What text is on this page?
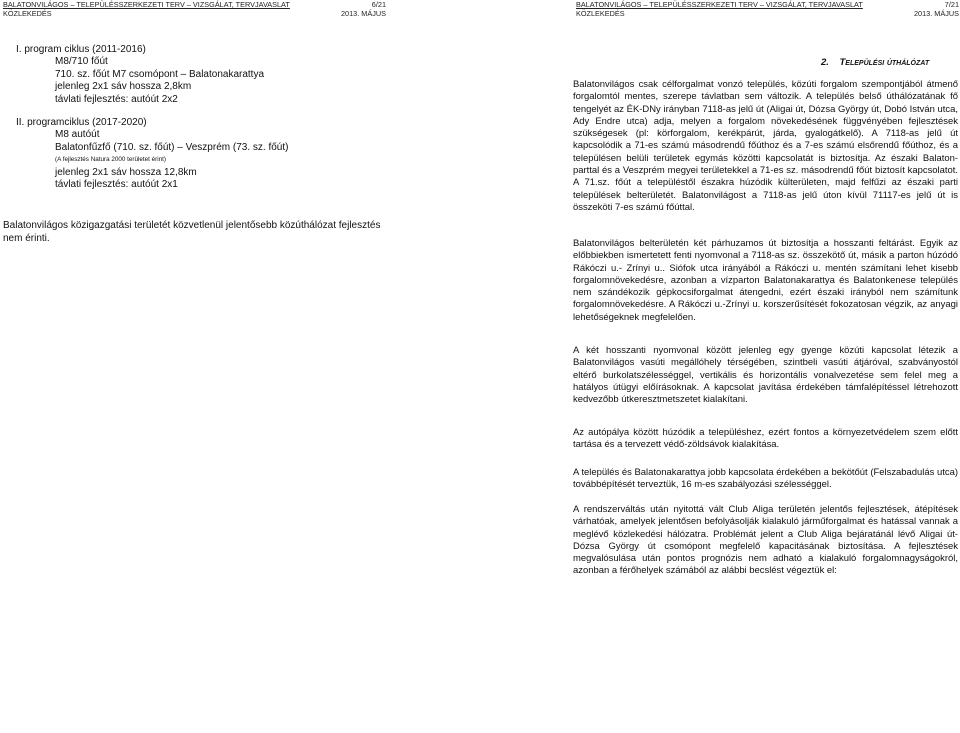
BALATONVILÁGOS – TELEPÜLÉSSZERKEZETI TERV – VIZSGÁLAT, TERVJAVASLAT	6/21
KÖZLEKEDÉS	2013. MÁJUS
I. program ciklus (2011-2016)
M8/710 főút
710. sz. főút M7 csomópont – Balatonakarattya
jelenleg 2x1 sáv hossza 2,8km
távlati fejlesztés: autóút 2x2
II. programciklus (2017-2020)
M8 autóút
Balatonfűzfő (710. sz. főút) – Veszprém (73. sz. főút)
(A fejlesztés Natura 2000 területet érint)
jelenleg 2x1 sáv hossza 12,8km
távlati fejlesztés: autóút 2x1
Balatonvilágos közigazgatási területét közvetlenül jelentősebb közúthálózat fejlesztés nem érinti.
BALATONVILÁGOS – TELEPÜLÉSSZERKEZETI TERV – VIZSGÁLAT, TERVJAVASLAT	7/21
KÖZLEKEDÉS	2013. MÁJUS
2. Települési úthálózat

Balatonvilágos csak célforgalmat vonzó település, közúti forgalom szempontjából átmenő forgalomtól mentes, szerepe távlatban sem változik. A település belső úthálózatának fő tengelyét az ÉK-DNy irányban 7118-as jelű út (Aligai út, Dózsa György út, Dobó István utca, Ady Endre utca) adja, melyen a forgalom növekedésének függvényében fejlesztések szükségesek (pl: körforgalom, kerékpárút, járda, gyalogátkelő). A 7118-as jelű út kapcsolódik a 71-es számú másodrendű főúthoz és a 7-es számú elsőrendű főúthoz, és a településen belüli területek egymás közötti kapcsolatát is biztosítja. Az északi Balaton-parttal és a Veszprém megyei területekkel a 71-es sz. másodrendű főút biztosít kapcsolatot. A 71.sz. főút a településtől északra húzódik külterületen, majd felfűzi az északi parti települések belterületét. Balatonvilágost a 7118-as jelű úton kívül 71117-es jelű út is összeköti 7-es számú főúttal.

Balatonvilágos belterületén két párhuzamos út biztosítja a hosszanti feltárást. Egyik az előbbiekben ismertetett fenti nyomvonal a 7118-as sz. összekötő út, másik a parton húzódó Rákóczi u.- Zrínyi u.. Siófok utca irányából a Rákóczi u. mentén számítani lehet kisebb forgalomnövekedésre, azonban a vízparton Balatonakarattya és Balatonkenese település nem szándékozik gépkocsiforgalmat átengedni, ezért északi irányból nem számítunk forgalomnövekedésre. A Rákóczi u.-Zrínyi u. korszerűsítését fokozatosan végzik, az anyagi lehetőségeknek megfelelően.

A két hosszanti nyomvonal között jelenleg egy gyenge közúti kapcsolat létezik a Balatonvilágos vasúti megállóhely térségében, szintbeli vasúti átjáróval, szabványostól eltérő burkolatszélességgel, vertikális és horizontális vonalvezetése sem felel meg a hatályos útügyi előírásoknak. A kapcsolat javítása érdekében támfalépítéssel létrehozott kedvezőbb útkeresztmetszetet kialakítani.

Az autópálya között húzódik a településhez, ezért fontos a környezetvédelem szem előtt tartása és a tervezett védő-zöldsávok kialakítása.

A település és Balatonakarattya jobb kapcsolata érdekében a bekötőút (Felszabadulás utca) továbbépítését terveztük, 16 m-es szabályozási szélességgel.

A rendszerváltás után nyitottá vált Club Aliga területén jelentős fejlesztések, átépítések várhatóak, amelyek jelentősen befolyásolják kialakuló járműforgalmat és hatással vannak a meglévő közlekedési hálózatra. Problémát jelent a Club Aliga bejáratánál lévő Aligai út-Dózsa György út csomópont megfelelő kapacitásának biztosítása. A fejlesztések megvalósulása után pontos prognózis nem adható a kialakuló forgalomnagyságokról, azonban a férőhelyek számából az alábbi becslést végeztük el:
